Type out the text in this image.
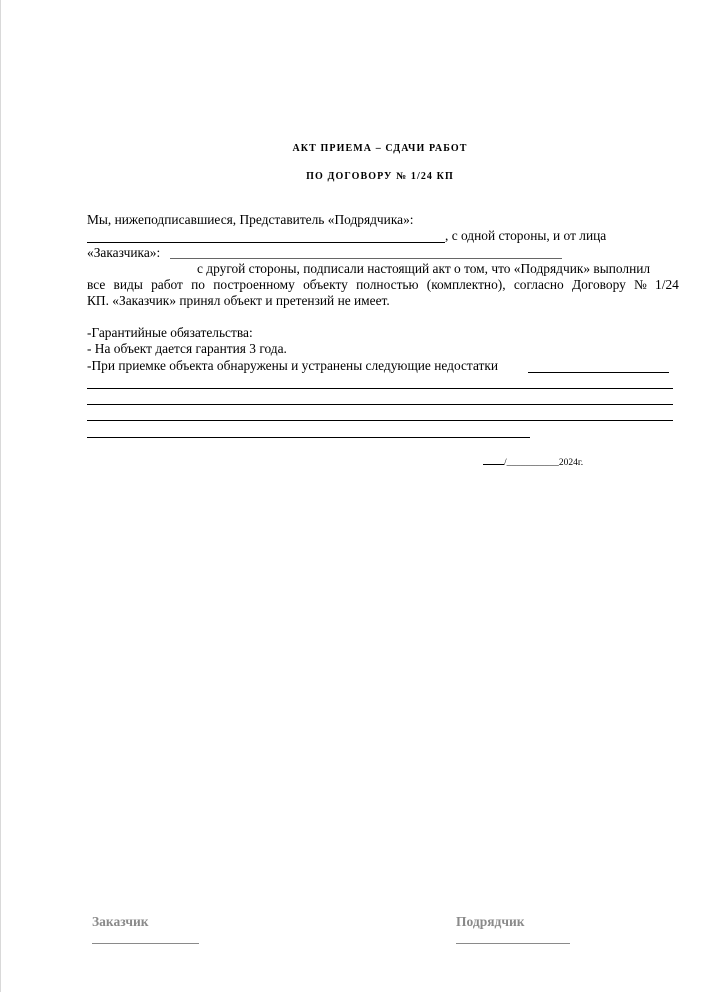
АКТ ПРИЕМА – СДАЧИ РАБОТ
ПО ДОГОВОРУ № 1/24 КП
Мы, нижеподписавшиеся, Представитель «Подрядчика»:
, с одной стороны, и от лица
«Заказчика»:
с другой стороны, подписали настоящий акт о том, что «Подрядчик» выполнил
все виды работ по построенному объекту полностью (комплектно), согласно Договору № 1/24
КП. «Заказчик» принял объект и претензий не имеет.
-Гарантийные обязательства:
- На объект дается гарантия 3 года.
-При приемке объекта обнаружены и устранены следующие недостатки
/___________2024г.
Заказчик	Подрядчик
